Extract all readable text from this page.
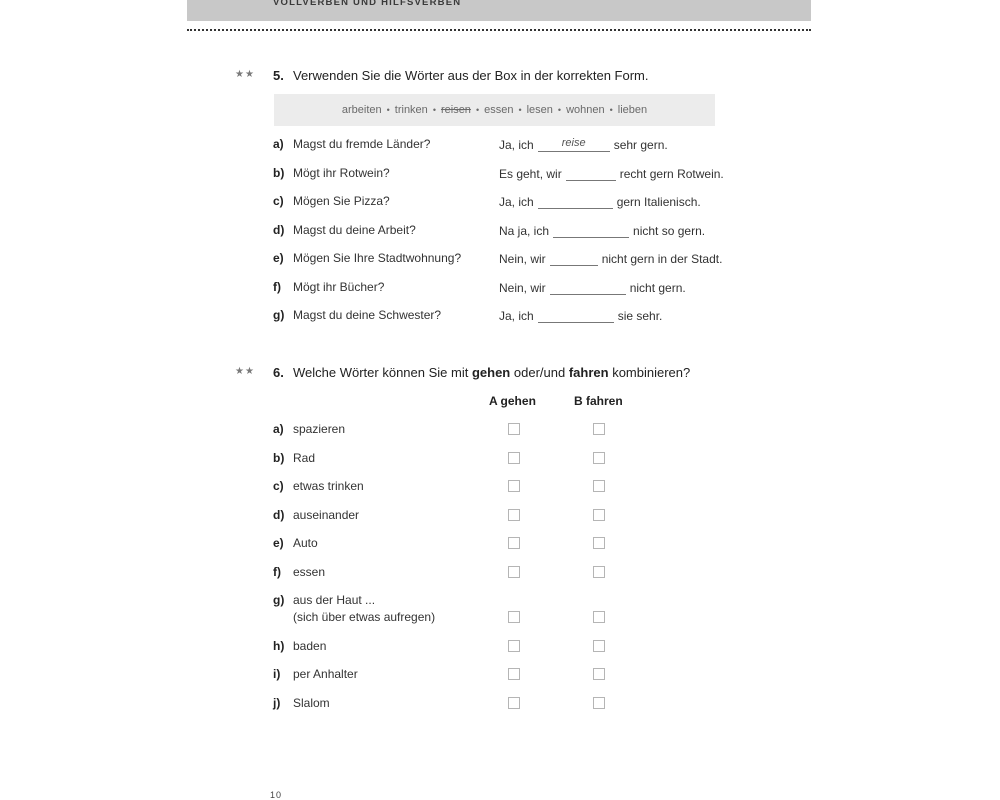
VOLLVERBEN UND HILFSVERBEN
★★ 5. Verwenden Sie die Wörter aus der Box in der korrekten Form.
arbeiten • trinken • reisen • essen • lesen • wohnen • lieben
a) Magst du fremde Länder?	Ja, ich	reise	sehr gern.
b) Mögt ihr Rotwein?	Es geht, wir	recht gern Rotwein.
c) Mögen Sie Pizza?	Ja, ich	gern Italienisch.
d) Magst du deine Arbeit?	Na ja, ich	nicht so gern.
e) Mögen Sie Ihre Stadtwohnung?	Nein, wir	nicht gern in der Stadt.
f) Mögt ihr Bücher?	Nein, wir	nicht gern.
g) Magst du deine Schwester?	Ja, ich	sie sehr.
★★ 6. Welche Wörter können Sie mit gehen oder/und fahren kombinieren?
A gehen	B fahren
a) spazieren
b) Rad
c) etwas trinken
d) auseinander
e) Auto
f) essen
g) aus der Haut ...
(sich über etwas aufregen)
h) baden
i) per Anhalter
j) Slalom
10
